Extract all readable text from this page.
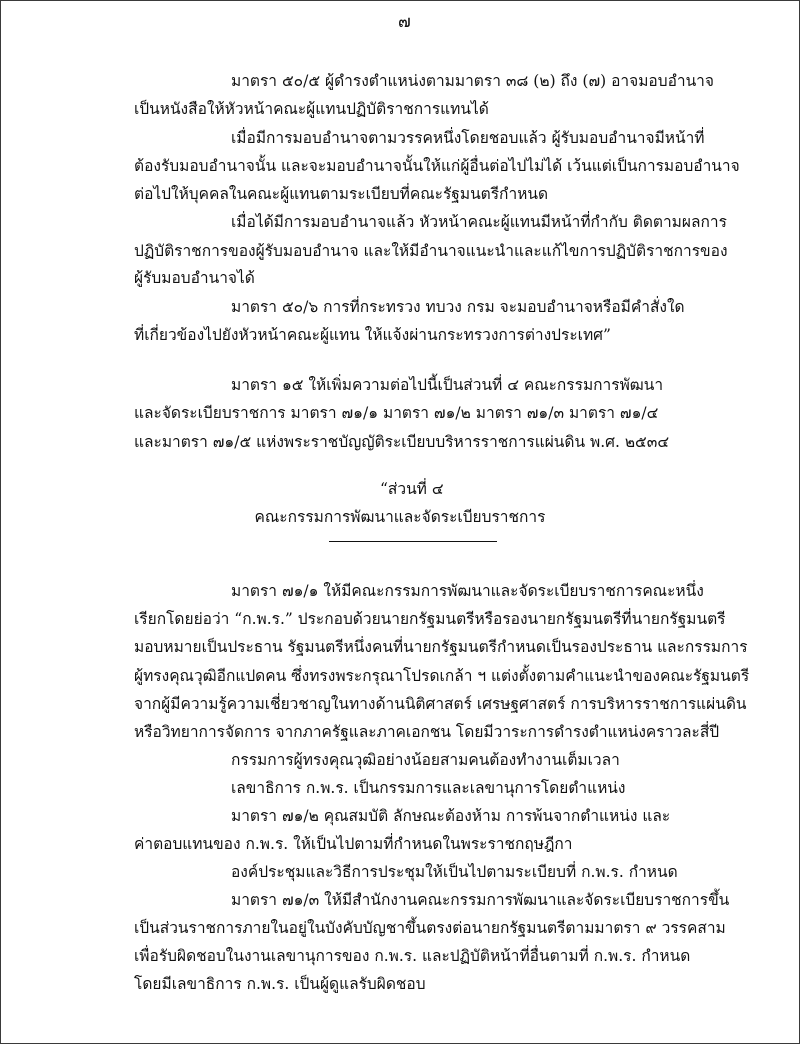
๗
มาตรา ๕๐/๕ ผู้ดำรงตำแหน่งตามมาตรา ๓๘ (๒) ถึง (๗) อาจมอบอำนาจ
เป็นหนังสือให้หัวหน้าคณะผู้แทนปฏิบัติราชการแทนได้
เมื่อมีการมอบอำนาจตามวรรคหนึ่งโดยชอบแล้ว ผู้รับมอบอำนาจมีหน้าที่
ต้องรับมอบอำนาจนั้น และจะมอบอำนาจนั้นให้แก่ผู้อื่นต่อไปไม่ได้ เว้นแต่เป็นการมอบอำนาจ
ต่อไปให้บุคคลในคณะผู้แทนตามระเบียบที่คณะรัฐมนตรีกำหนด
เมื่อได้มีการมอบอำนาจแล้ว หัวหน้าคณะผู้แทนมีหน้าที่กำกับ ติดตามผลการ
ปฏิบัติราชการของผู้รับมอบอำนาจ และให้มีอำนาจแนะนำและแก้ไขการปฏิบัติราชการของ
ผู้รับมอบอำนาจได้
มาตรา ๕๐/๖ การที่กระทรวง ทบวง กรม จะมอบอำนาจหรือมีคำสั่งใด
ที่เกี่ยวข้องไปยังหัวหน้าคณะผู้แทน ให้แจ้งผ่านกระทรวงการต่างประเทศ”
มาตรา ๑๕ ให้เพิ่มความต่อไปนี้เป็นส่วนที่ ๔ คณะกรรมการพัฒนา
และจัดระเบียบราชการ มาตรา ๗๑/๑ มาตรา ๗๑/๒ มาตรา ๗๑/๓ มาตรา ๗๑/๔
และมาตรา ๗๑/๕ แห่งพระราชบัญญัติระเบียบบริหารราชการแผ่นดิน พ.ศ. ๒๕๓๔
“ส่วนที่ ๔
คณะกรรมการพัฒนาและจัดระเบียบราชการ
มาตรา ๗๑/๑ ให้มีคณะกรรมการพัฒนาและจัดระเบียบราชการคณะหนึ่ง
เรียกโดยย่อว่า “ก.พ.ร.” ประกอบด้วยนายกรัฐมนตรีหรือรองนายกรัฐมนตรีที่นายกรัฐมนตรี
มอบหมายเป็นประธาน รัฐมนตรีหนึ่งคนที่นายกรัฐมนตรีกำหนดเป็นรองประธาน และกรรมการ
ผู้ทรงคุณวุฒิอีกแปดคน ซึ่งทรงพระกรุณาโปรดเกล้า ฯ แต่งตั้งตามคำแนะนำของคณะรัฐมนตรี
จากผู้มีความรู้ความเชี่ยวชาญในทางด้านนิติศาสตร์ เศรษฐศาสตร์ การบริหารราชการแผ่นดิน
หรือวิทยาการจัดการ จากภาครัฐและภาคเอกชน โดยมีวาระการดำรงตำแหน่งคราวละสี่ปี
กรรมการผู้ทรงคุณวุฒิอย่างน้อยสามคนต้องทำงานเต็มเวลา
เลขาธิการ ก.พ.ร. เป็นกรรมการและเลขานุการโดยตำแหน่ง
มาตรา ๗๑/๒ คุณสมบัติ ลักษณะต้องห้าม การพ้นจากตำแหน่ง และ
ค่าตอบแทนของ ก.พ.ร. ให้เป็นไปตามที่กำหนดในพระราชกฤษฎีกา
องค์ประชุมและวิธีการประชุมให้เป็นไปตามระเบียบที่ ก.พ.ร. กำหนด
มาตรา ๗๑/๓ ให้มีสำนักงานคณะกรรมการพัฒนาและจัดระเบียบราชการขึ้น
เป็นส่วนราชการภายในอยู่ในบังคับบัญชาขึ้นตรงต่อนายกรัฐมนตรีตามมาตรา ๙ วรรคสาม
เพื่อรับผิดชอบในงานเลขานุการของ ก.พ.ร. และปฏิบัติหน้าที่อื่นตามที่ ก.พ.ร. กำหนด
โดยมีเลขาธิการ ก.พ.ร. เป็นผู้ดูแลรับผิดชอบ
